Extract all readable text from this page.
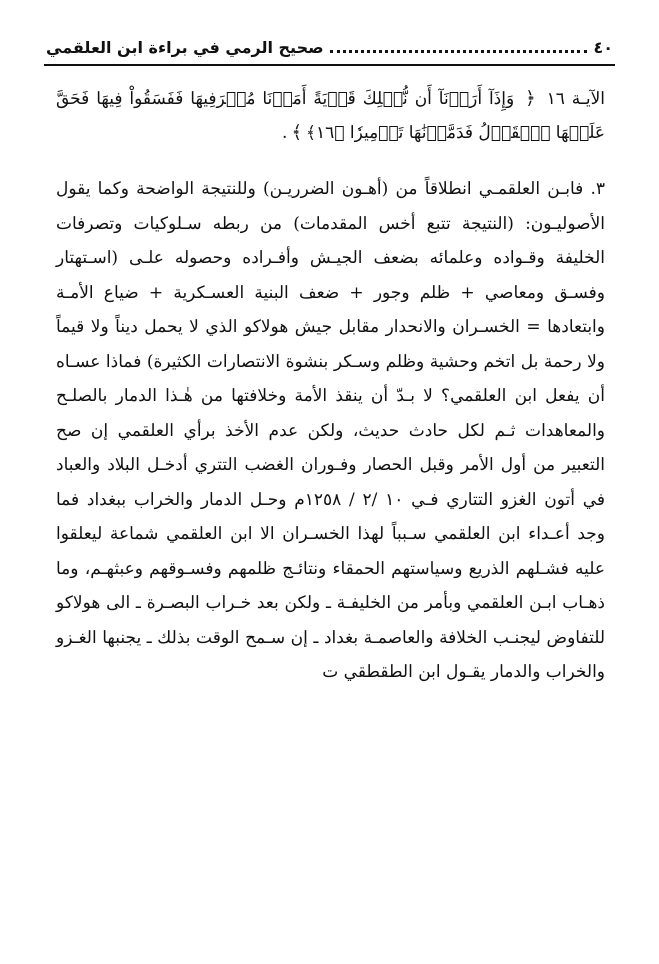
٤٠
صحيح الرمي في براءة ابن العلقمي
الآيـة ١٦ ﴿ وَإِذَآ أَرَدۡنَآ أَن نُّهۡلِكَ قَرۡيَةً أَمَرۡنَا مُتۡرَفِيهَا فَفَسَقُواْ فِيهَا فَحَقَّ عَلَيۡهَا ٱلۡقَوۡلُ فَدَمَّرۡنَٰهَا تَدۡمِيرٗا ﴿١٦﴾﴾.
٣. فابـن العلقمـي انطلاقاً من (أهـون الضرريـن) وللنتيجة الواضحة وكما يقول الأصوليـون: (النتيجة تتبع أخس المقدمات) من ربطه سـلوكيات وتصرفات الخليفة وقـواده وعلمائه بضعف الجيـش وأفـراده وحصوله علـى (اسـتهتار وفسـق ومعاصي + ظلم وجور + ضعف البنية العسـكرية + ضياع الأمـة وابتعادها = الخسـران والانحدار مقابل جيش هولاكو الذي لا يحمل ديناً ولا قيماً ولا رحمة بل اتخم وحشية وظلم وسـكر بنشوة الانتصارات الكثيرة) فماذا عسـاه أن يفعل ابن العلقمي؟ لا بـدّ أن ينقذ الأمة وخلافتها من هٰـذا الدمار بالصلـح والمعاهدات ثـم لكل حادث حديث، ولكن عدم الأخذ برأي العلقمي إن صح التعبير من أول الأمر وقبل الحصار وفـوران الغضب التتري أدخـل البلاد والعباد في أتون الغزو التتاري فـي ١٠ /٢ / ١٢٥٨م وحـل الدمار والخراب ببغداد فما وجد أعـداء ابن العلقمي سـبباً لهذا الخسـران الا ابن العلقمي شماعة ليعلقوا عليه فشـلهم الذريع وسياستهم الحمقاء ونتائـج ظلمهم وفسـوقهم وعبثهـم، وما ذهـاب ابـن العلقمي وبأمر من الخليفـة ـ ولكن بعد خـراب البصـرة ـ الى هولاكو للتفاوض ليجنـب الخلافة والعاصمـة بغداد ـ إن سـمح الوقت بذلك ـ يجنبها الغـزو والخراب والدمار يقـول ابن الطقطقي ت
